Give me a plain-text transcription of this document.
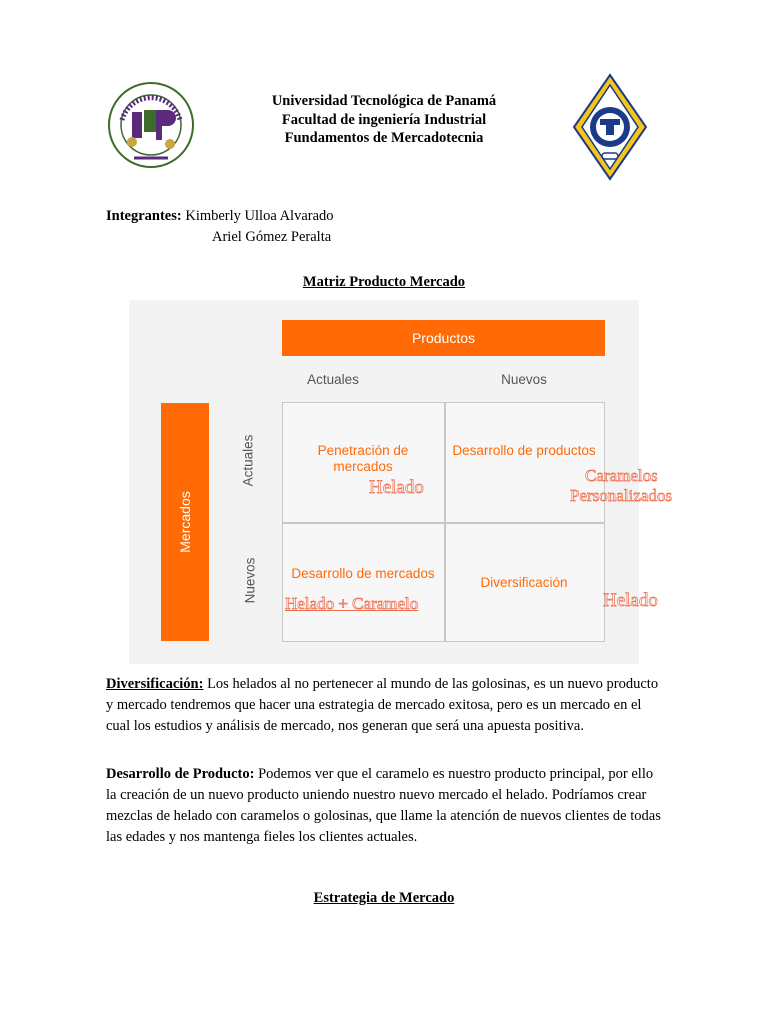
Universidad Tecnológica de Panamá
Facultad de ingeniería Industrial
Fundamentos de Mercadotecnia
Integrantes: Kimberly Ulloa Alvarado
Ariel Gómez Peralta
Matriz Producto Mercado
Productos
Actuales	Nuevos
Mercados
Actuales
Nuevos
Penetración de mercados
Desarrollo de productos
Desarrollo de mercados
Diversificación
Helado
Caramelos
Personalizados
Helado + Caramelo	Helado
Diversificación: Los helados al no pertenecer al mundo de las golosinas, es un nuevo producto y mercado tendremos que hacer una estrategia de mercado exitosa, pero es un mercado en el cual los estudios y análisis de mercado, nos generan que será una apuesta positiva.
Desarrollo de Producto: Podemos ver que el caramelo es nuestro producto principal, por ello la creación de un nuevo producto uniendo nuestro nuevo mercado el helado. Podríamos crear mezclas de helado con caramelos o golosinas, que llame la atención de nuevos clientes de todas las edades y nos mantenga fieles los clientes actuales.
Estrategia de Mercado
